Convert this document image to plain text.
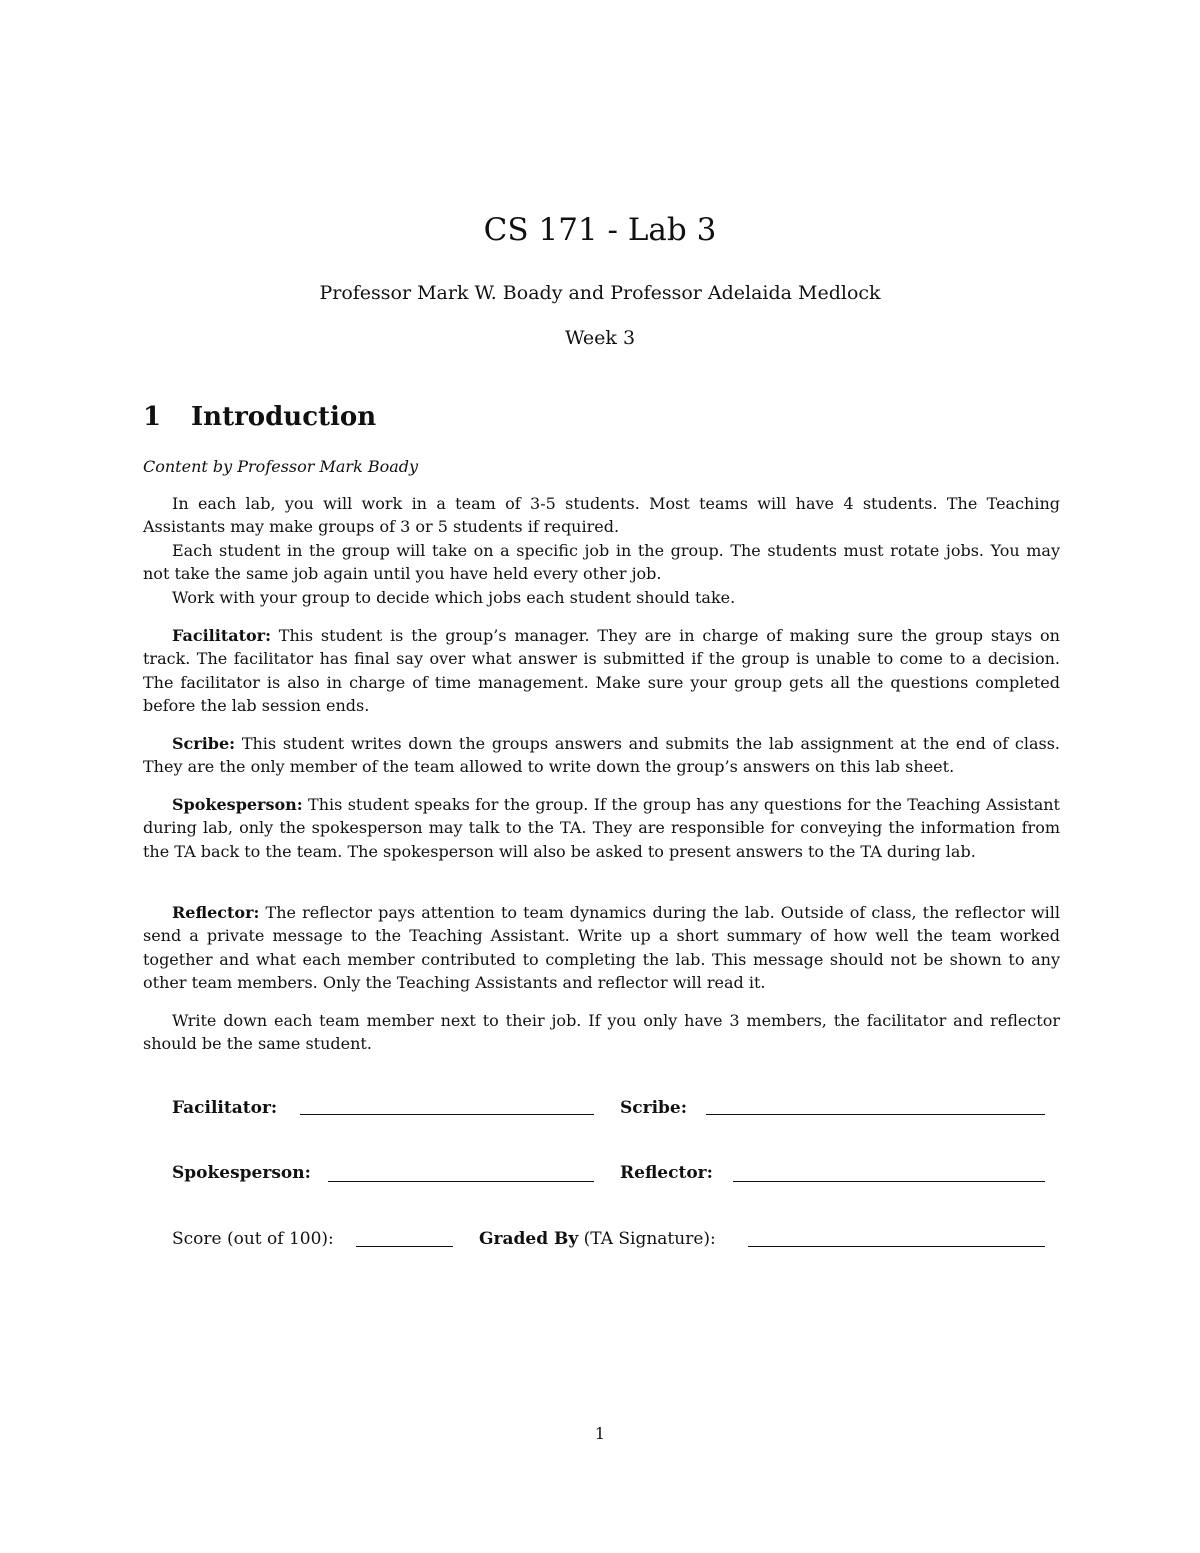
CS 171 - Lab 3

Professor Mark W. Boady and Professor Adelaida Medlock

Week 3

1 Introduction

Content by Professor Mark Boady

In each lab, you will work in a team of 3-5 students. Most teams will have 4 students. The Teaching Assistants may make groups of 3 or 5 students if required.

Each student in the group will take on a specific job in the group. The students must rotate jobs. You may not take the same job again until you have held every other job.

Work with your group to decide which jobs each student should take.

Facilitator: This student is the group’s manager. They are in charge of making sure the group stays on track. The facilitator has final say over what answer is submitted if the group is unable to come to a decision. The facilitator is also in charge of time management. Make sure your group gets all the questions completed before the lab session ends.

Scribe: This student writes down the groups answers and submits the lab assignment at the end of class. They are the only member of the team allowed to write down the group’s answers on this lab sheet.

Spokesperson: This student speaks for the group. If the group has any questions for the Teaching Assistant during lab, only the spokesperson may talk to the TA. They are responsible for conveying the information from the TA back to the team. The spokesperson will also be asked to present answers to the TA during lab.

Reflector: The reflector pays attention to team dynamics during the lab. Outside of class, the reflector will send a private message to the Teaching Assistant. Write up a short summary of how well the team worked together and what each member contributed to completing the lab. This message should not be shown to any other team members. Only the Teaching Assistants and reflector will read it.

Write down each team member next to their job. If you only have 3 members, the facilitator and reflector should be the same student.

Facilitator:	Scribe:
Spokesperson:	Reflector:
Score (out of 100):	Graded By (TA Signature):

1
